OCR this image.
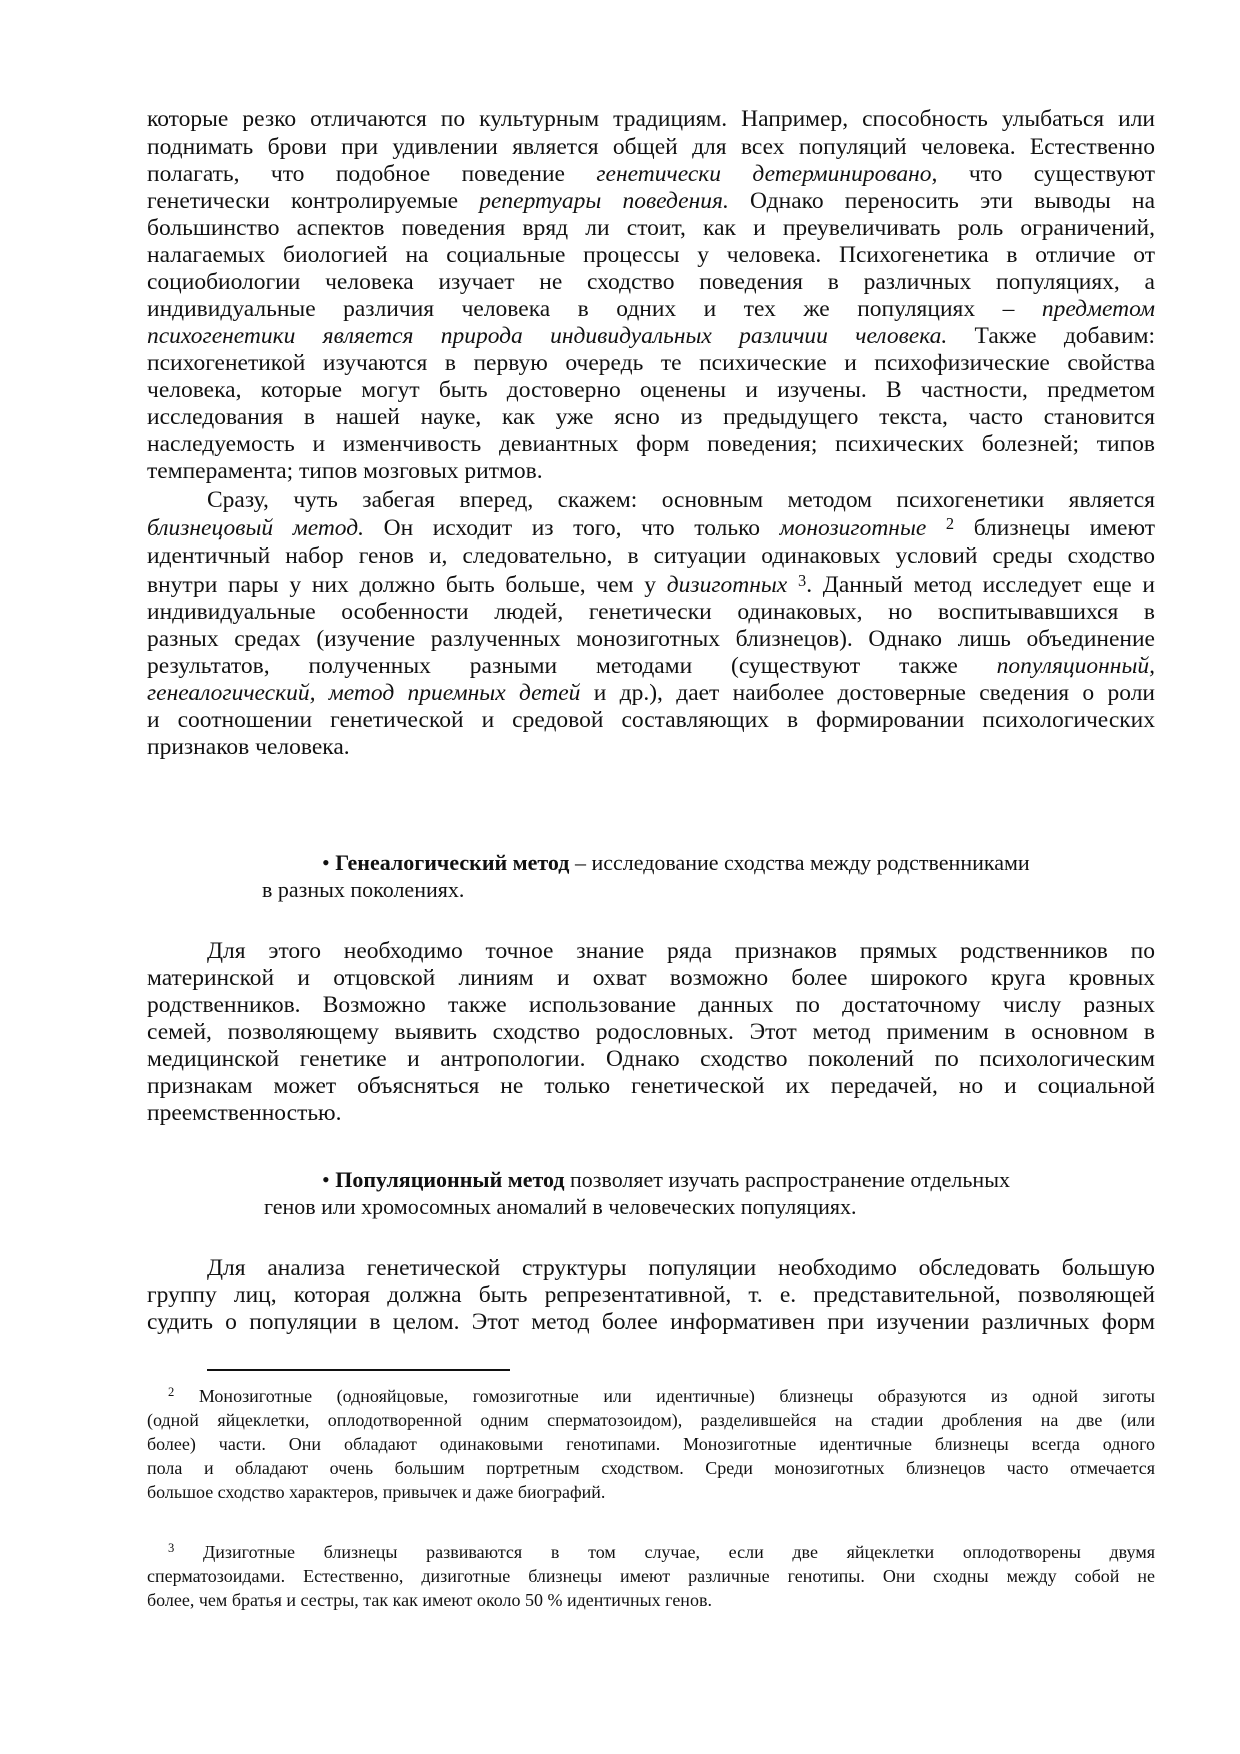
которые резко отличаются по культурным традициям. Например, способность улыбаться или
поднимать брови при удивлении является общей для всех популяций человека. Естественно
полагать, что подобное поведение генетически детерминировано, что существуют
генетически контролируемые репертуары поведения. Однако переносить эти выводы на
большинство аспектов поведения вряд ли стоит, как и преувеличивать роль ограничений,
налагаемых биологией на социальные процессы у человека. Психогенетика в отличие от
социобиологии человека изучает не сходство поведения в различных популяциях, а
индивидуальные различия человека в одних и тех же популяциях – предметом
психогенетики является природа индивидуальных различии человека. Также добавим:
психогенетикой изучаются в первую очередь те психические и психофизические свойства
человека, которые могут быть достоверно оценены и изучены. В частности, предметом
исследования в нашей науке, как уже ясно из предыдущего текста, часто становится
наследуемость и изменчивость девиантных форм поведения; психических болезней; типов
темперамента; типов мозговых ритмов.
Сразу, чуть забегая вперед, скажем: основным методом психогенетики является
близнецовый метод. Он исходит из того, что только монозиготные $^2$ близнецы имеют
идентичный набор генов и, следовательно, в ситуации одинаковых условий среды сходство
внутри пары у них должно быть больше, чем у дизиготных $^3$. Данный метод исследует еще и
индивидуальные особенности людей, генетически одинаковых, но воспитывавшихся в
разных средах (изучение разлученных монозиготных близнецов). Однако лишь объединение
результатов, полученных разными методами (существуют также популяционный,
генеалогический, метод приемных детей и др.), дает наиболее достоверные сведения о роли
и соотношении генетической и средовой составляющих в формировании психологических
признаков человека.
• Генеалогический метод – исследование сходства между родственниками
в разных поколениях.
Для этого необходимо точное знание ряда признаков прямых родственников по
материнской и отцовской линиям и охват возможно более широкого круга кровных
родственников. Возможно также использование данных по достаточному числу разных
семей, позволяющему выявить сходство родословных. Этот метод применим в основном в
медицинской генетике и антропологии. Однако сходство поколений по психологическим
признакам может объясняться не только генетической их передачей, но и социальной
преемственностью.
• Популяционный метод позволяет изучать распространение отдельных
генов или хромосомных аномалий в человеческих популяциях.
Для анализа генетической структуры популяции необходимо обследовать большую
группу лиц, которая должна быть репрезентативной, т. е. представительной, позволяющей
судить о популяции в целом. Этот метод более информативен при изучении различных форм
$^2$ Монозиготные (однояйцовые, гомозиготные или идентичные) близнецы образуются из одной зиготы
(одной яйцеклетки, оплодотворенной одним сперматозоидом), разделившейся на стадии дробления на две (или
более) части. Они обладают одинаковыми генотипами. Монозиготные идентичные близнецы всегда одного
пола и обладают очень большим портретным сходством. Среди монозиготных близнецов часто отмечается
большое сходство характеров, привычек и даже биографий.
$^3$ Дизиготные близнецы развиваются в том случае, если две яйцеклетки оплодотворены двумя
сперматозоидами. Естественно, дизиготные близнецы имеют различные генотипы. Они сходны между собой не
более, чем братья и сестры, так как имеют около 50 % идентичных генов.
